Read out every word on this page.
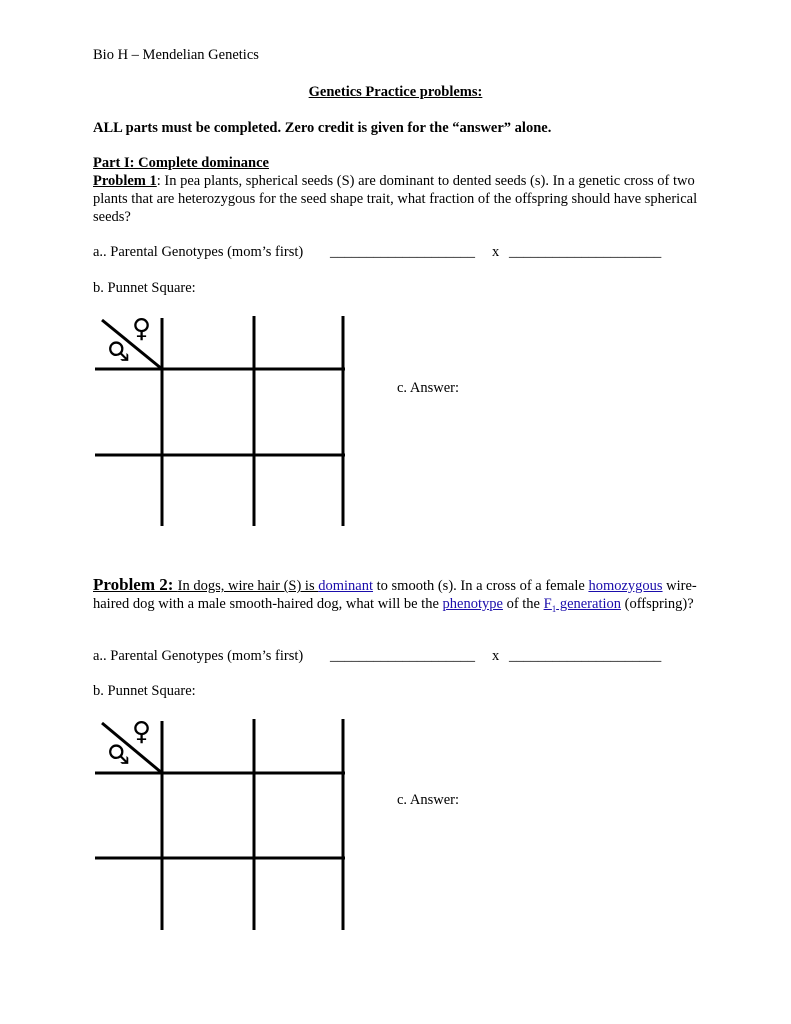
Bio H – Mendelian Genetics
Genetics Practice problems:
ALL parts must be completed. Zero credit is given for the “answer” alone.
Part I: Complete dominance
Problem 1: In pea plants, spherical seeds (S) are dominant to dented seeds (s). In a genetic cross of two plants that are heterozygous for the seed shape trait, what fraction of the offspring should have spherical seeds?
a.. Parental Genotypes (mom’s first) ____________________ x _____________________
b. Punnet Square:
♀
♂
c. Answer:
Problem 2: In dogs, wire hair (S) is dominant to smooth (s). In a cross of a female homozygous wire-haired dog with a male smooth-haired dog, what will be the phenotype of the $F_1$ generation (offspring)?
a.. Parental Genotypes (mom’s first) ____________________ x _____________________
b. Punnet Square:
♀
♂
c. Answer:
